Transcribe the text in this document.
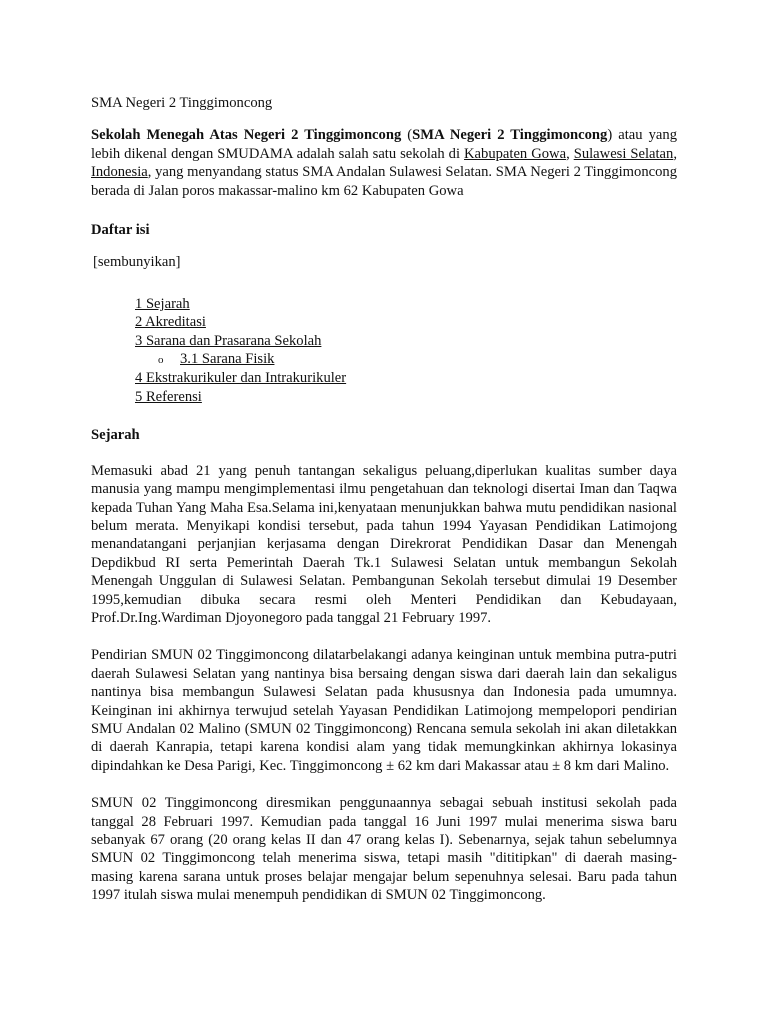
SMA Negeri 2 Tinggimoncong

Sekolah Menegah Atas Negeri 2 Tinggimoncong (SMA Negeri 2 Tinggimoncong) atau yang lebih dikenal dengan SMUDAMA adalah salah satu sekolah di Kabupaten Gowa, Sulawesi Selatan, Indonesia, yang menyandang status SMA Andalan Sulawesi Selatan. SMA Negeri 2 Tinggimoncong berada di Jalan poros makassar-malino km 62 Kabupaten Gowa

Daftar isi

[sembunyikan]

1 Sejarah
2 Akreditasi
3 Sarana dan Prasarana Sekolah
o 3.1 Sarana Fisik
4 Ekstrakurikuler dan Intrakurikuler
5 Referensi
Sejarah

Memasuki abad 21 yang penuh tantangan sekaligus peluang,diperlukan kualitas sumber daya manusia yang mampu mengimplementasi ilmu pengetahuan dan teknologi disertai Iman dan Taqwa kepada Tuhan Yang Maha Esa.Selama ini,kenyataan menunjukkan bahwa mutu pendidikan nasional belum merata. Menyikapi kondisi tersebut, pada tahun 1994 Yayasan Pendidikan Latimojong menandatangani perjanjian kerjasama dengan Direkrorat Pendidikan Dasar dan Menengah Depdikbud RI serta Pemerintah Daerah Tk.1 Sulawesi Selatan untuk membangun Sekolah Menengah Unggulan di Sulawesi Selatan. Pembangunan Sekolah tersebut dimulai 19 Desember 1995,kemudian dibuka secara resmi oleh Menteri Pendidikan dan Kebudayaan, Prof.Dr.Ing.Wardiman Djoyonegoro pada tanggal 21 February 1997.

Pendirian SMUN 02 Tinggimoncong dilatarbelakangi adanya keinginan untuk membina putra-putri daerah Sulawesi Selatan yang nantinya bisa bersaing dengan siswa dari daerah lain dan sekaligus nantinya bisa membangun Sulawesi Selatan pada khususnya dan Indonesia pada umumnya. Keinginan ini akhirnya terwujud setelah Yayasan Pendidikan Latimojong mempelopori pendirian SMU Andalan 02 Malino (SMUN 02 Tinggimoncong) Rencana semula sekolah ini akan diletakkan di daerah Kanrapia, tetapi karena kondisi alam yang tidak memungkinkan akhirnya lokasinya dipindahkan ke Desa Parigi, Kec. Tinggimoncong ± 62 km dari Makassar atau ± 8 km dari Malino.

SMUN 02 Tinggimoncong diresmikan penggunaannya sebagai sebuah institusi sekolah pada tanggal 28 Februari 1997. Kemudian pada tanggal 16 Juni 1997 mulai menerima siswa baru sebanyak 67 orang (20 orang kelas II dan 47 orang kelas I). Sebenarnya, sejak tahun sebelumnya SMUN 02 Tinggimoncong telah menerima siswa, tetapi masih "dititipkan" di daerah masing-masing karena sarana untuk proses belajar mengajar belum sepenuhnya selesai. Baru pada tahun 1997 itulah siswa mulai menempuh pendidikan di SMUN 02 Tinggimoncong.
